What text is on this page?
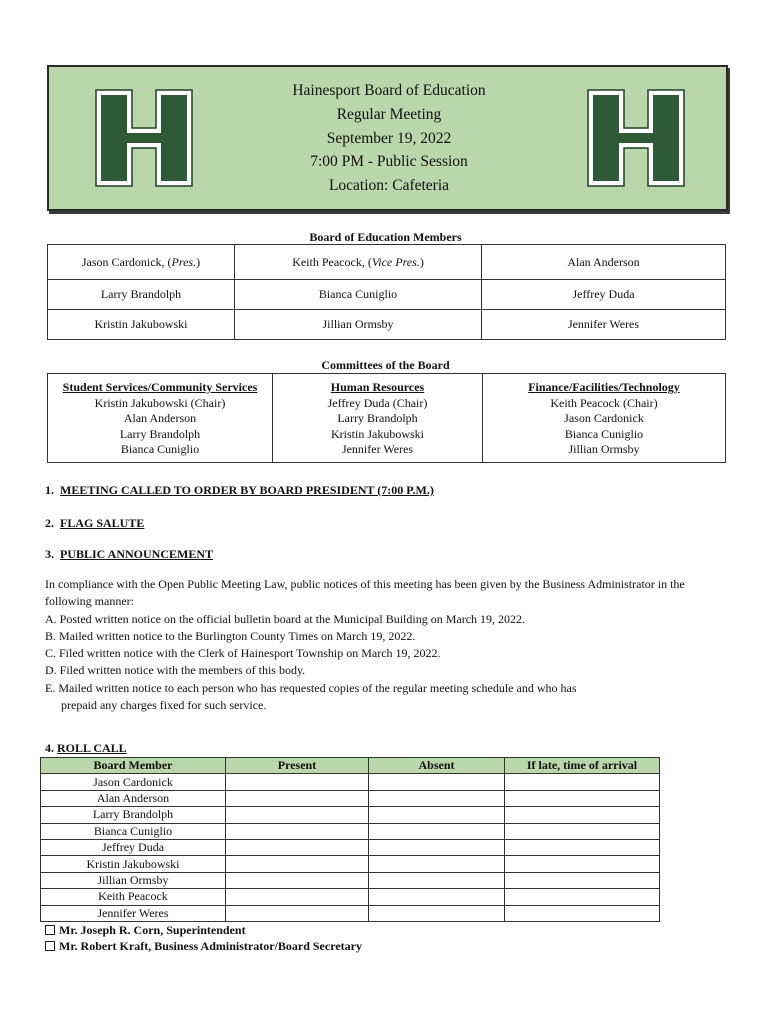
Hainesport Board of Education
Regular Meeting
September 19, 2022
7:00 PM - Public Session
Location: Cafeteria
Board of Education Members
Jason Cardonick, (Pres.)	Keith Peacock, (Vice Pres.)	Alan Anderson
Larry Brandolph	Bianca Cuniglio	Jeffrey Duda
Kristin Jakubowski	Jillian Ormsby	Jennifer Weres
Committees of the Board
Student Services/Community Services
Kristin Jakubowski (Chair)
Alan Anderson
Larry Brandolph
Bianca Cuniglio

Human Resources
Jeffrey Duda (Chair)
Larry Brandolph
Kristin Jakubowski
Jennifer Weres

Finance/Facilities/Technology
Keith Peacock (Chair)
Jason Cardonick
Bianca Cuniglio
Jillian Ormsby
1. MEETING CALLED TO ORDER BY BOARD PRESIDENT (7:00 P.M.)
2. FLAG SALUTE
3. PUBLIC ANNOUNCEMENT
In compliance with the Open Public Meeting Law, public notices of this meeting has been given by the Business Administrator in the
following manner:
A. Posted written notice on the official bulletin board at the Municipal Building on March 19, 2022.
B. Mailed written notice to the Burlington County Times on March 19, 2022.
C. Filed written notice with the Clerk of Hainesport Township on March 19, 2022.
D. Filed written notice with the members of this body.
E. Mailed written notice to each person who has requested copies of the regular meeting schedule and who has
prepaid any charges fixed for such service.
4. ROLL CALL
Board Member	Present	Absent	If late, time of arrival
Jason Cardonick			
Alan Anderson			
Larry Brandolph			
Bianca Cuniglio			
Jeffrey Duda			
Kristin Jakubowski			
Jillian Ormsby			
Keith Peacock			
Jennifer Weres			
Mr. Joseph R. Corn, Superintendent
Mr. Robert Kraft, Business Administrator/Board Secretary
